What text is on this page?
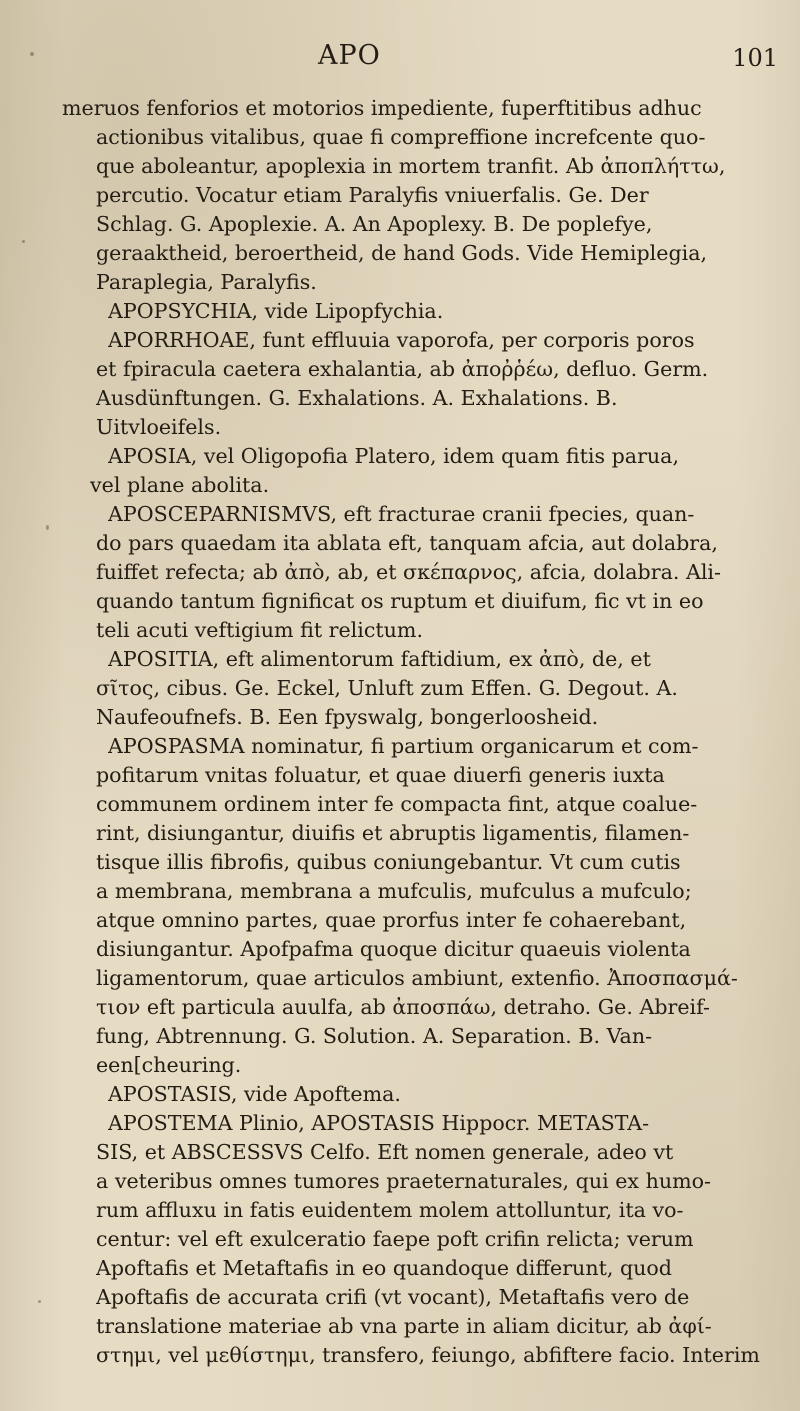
APO	101
meruos fenforios et motorios impediente, fuperftitibus adhuc
actionibus vitalibus, quae fi compreffione increfcente quo-
que aboleantur, apoplexia in mortem tranfit. Ab ἀποπλήττω,
percutio. Vocatur etiam Paralyfis vniuerfalis. Ge. Der
Schlag. G. Apoplexie. A. An Apoplexy. B. De poplefye,
geraaktheid, beroertheid, de hand Gods. Vide Hemiplegia,
Paraplegia, Paralyfis.
APOPSYCHIA, vide Lipopfychia.
APORRHOAE, funt effluuia vaporofa, per corporis poros
et fpiracula caetera exhalantia, ab ἀποῤῥέω, defluo. Germ.
Ausdünftungen. G. Exhalations. A. Exhalations. B.
Uitvloeifels.
APOSIA, vel Oligopofia Platero, idem quam fitis parua,
vel plane abolita.
APOSCEPARNISMVS, eft fracturae cranii fpecies, quan-
do pars quaedam ita ablata eft, tanquam afcia, aut dolabra,
fuiffet refecta; ab ἀπὸ, ab, et σκέπαρνος, afcia, dolabra. Ali-
quando tantum fignificat os ruptum et diuifum, fic vt in eo
teli acuti veftigium fit relictum.
APOSITIA, eft alimentorum faftidium, ex ἀπὸ, de, et
σῖτος, cibus. Ge. Eckel, Unluft zum Effen. G. Degout. A.
Naufeoufnefs. B. Een fpyswalg, bongerloosheid.
APOSPASMA nominatur, fi partium organicarum et com-
pofitarum vnitas foluatur, et quae diuerfi generis iuxta
communem ordinem inter fe compacta fint, atque coalue-
rint, disiungantur, diuifis et abruptis ligamentis, filamen-
tisque illis fibrofis, quibus coniungebantur. Vt cum cutis
a membrana, membrana a mufculis, mufculus a mufculo;
atque omnino partes, quae prorfus inter fe cohaerebant,
disiungantur. Apofpafma quoque dicitur quaeuis violenta
ligamentorum, quae articulos ambiunt, extenfio. Ἀποσπασμά-
τιον eft particula auulfa, ab ἀποσπάω, detraho. Ge. Abreif-
fung, Abtrennung. G. Solution. A. Separation. B. Van-
een[cheuring.
APOSTASIS, vide Apoftema.
APOSTEMA Plinio, APOSTASIS Hippocr. METASTA-
SIS, et ABSCESSVS Celfo. Eft nomen generale, adeo vt
a veteribus omnes tumores praeternaturales, qui ex humo-
rum affluxu in fatis euidentem molem attolluntur, ita vo-
centur: vel eft exulceratio faepe poft crifin relicta; verum
Apoftafis et Metaftafis in eo quandoque differunt, quod
Apoftafis de accurata crifi (vt vocant), Metaftafis vero de
translatione materiae ab vna parte in aliam dicitur, ab ἀφί-
στημι, vel μεθίστημι, transfero, feiungo, abfiftere facio. Interim
